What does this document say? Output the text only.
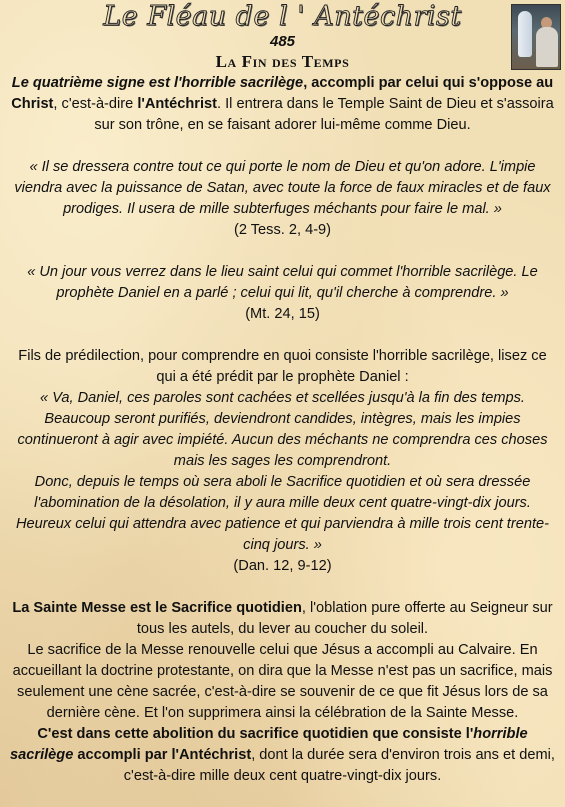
Le Fléau de l ' Antéchrist
485
La Fin des Temps

Le quatrième signe est l'horrible sacrilège, accompli par celui qui s'oppose au Christ, c'est-à-dire l'Antéchrist. Il entrera dans le Temple Saint de Dieu et s'assoira sur son trône, en se faisant adorer lui-même comme Dieu.

« Il se dressera contre tout ce qui porte le nom de Dieu et qu'on adore. L'impie viendra avec la puissance de Satan, avec toute la force de faux miracles et de faux prodiges. Il usera de mille subterfuges méchants pour faire le mal. »

(2 Tess. 2, 4-9)

« Un jour vous verrez dans le lieu saint celui qui commet l'horrible sacrilège. Le prophète Daniel en a parlé ; celui qui lit, qu'il cherche à comprendre. »

(Mt. 24, 15)

Fils de prédilection, pour comprendre en quoi consiste l'horrible sacrilège, lisez ce qui a été prédit par le prophète Daniel :

« Va, Daniel, ces paroles sont cachées et scellées jusqu'à la fin des temps. Beaucoup seront purifiés, deviendront candides, intègres, mais les impies continueront à agir avec impiété. Aucun des méchants ne comprendra ces choses mais les sages les comprendront.

Donc, depuis le temps où sera aboli le Sacrifice quotidien et où sera dressée l'abomination de la désolation, il y aura mille deux cent quatre-vingt-dix jours. Heureux celui qui attendra avec patience et qui parviendra à mille trois cent trente-cinq jours. »

(Dan. 12, 9-12)

La Sainte Messe est le Sacrifice quotidien, l'oblation pure offerte au Seigneur sur tous les autels, du lever au coucher du soleil.

Le sacrifice de la Messe renouvelle celui que Jésus a accompli au Calvaire. En accueillant la doctrine protestante, on dira que la Messe n'est pas un sacrifice, mais seulement une cène sacrée, c'est-à-dire se souvenir de ce que fit Jésus lors de sa dernière cène. Et l'on supprimera ainsi la célébration de la Sainte Messe.

C'est dans cette abolition du sacrifice quotidien que consiste l'horrible sacrilège accompli par l'Antéchrist, dont la durée sera d'environ trois ans et demi, c'est-à-dire mille deux cent quatre-vingt-dix jours.
